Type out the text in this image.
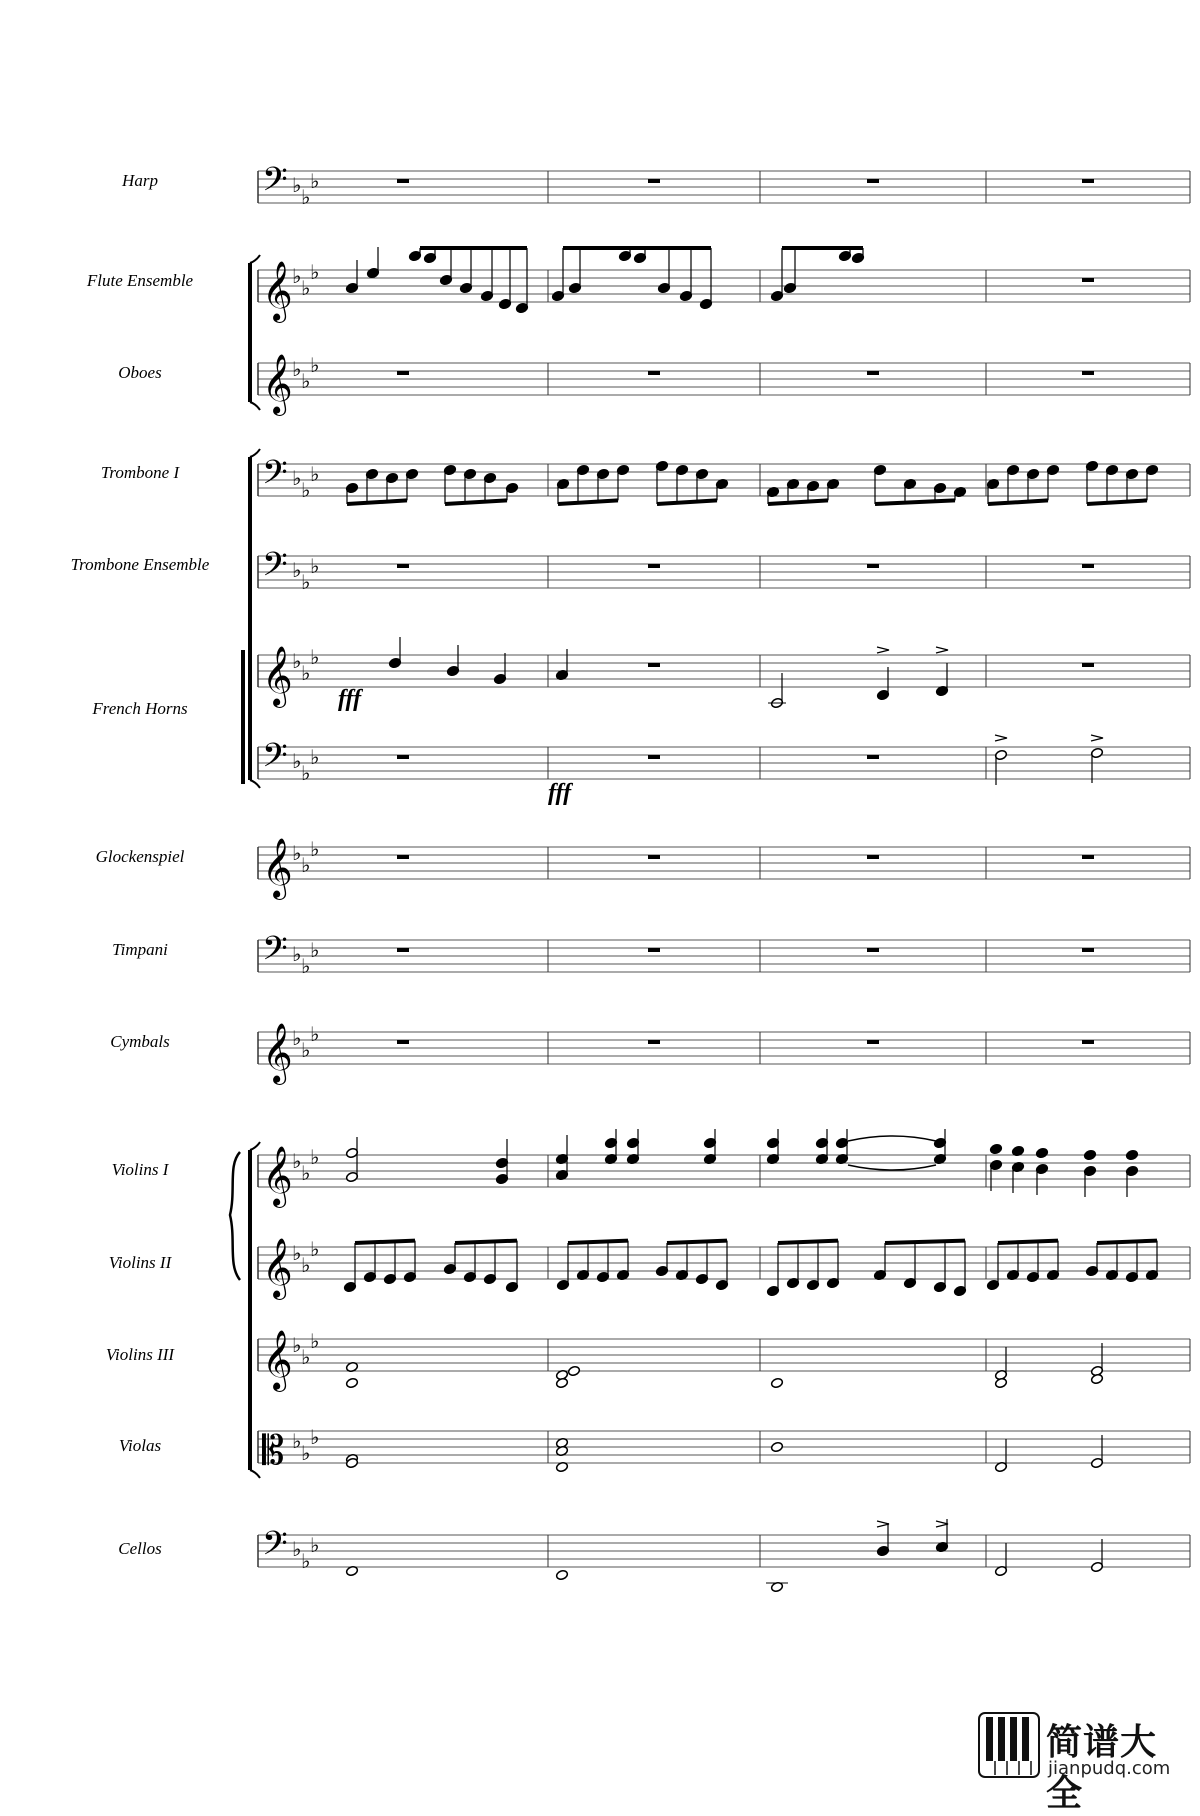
Harp
Flute Ensemble
Oboes
Trombone I
Trombone Ensemble
French Horns
Glockenspiel
Timpani
Cymbals
Violins I
Violins II
Violins III
Violas
Cellos
𝄢 ♭ ♭
♭
𝄞 ♭ ♭
♭
𝄞 ♭ ♭
♭
𝄢 ♭ ♭
♭
𝄢 ♭ ♭
♭
𝄞 ♭ ♭
♭
𝄢 ♭ ♭
♭
𝄞 ♭ ♭
♭
𝄢 ♭ ♭
♭
𝄞 ♭ ♭
♭
𝄞 ♭ ♭
♭
𝄞 ♭ ♭
♭
𝄞 ♭ ♭
♭
𝄡 ♭ ♭
♭
𝄢 ♭ ♭
♭
fff
fff
简谱大全
jianpudq.com
